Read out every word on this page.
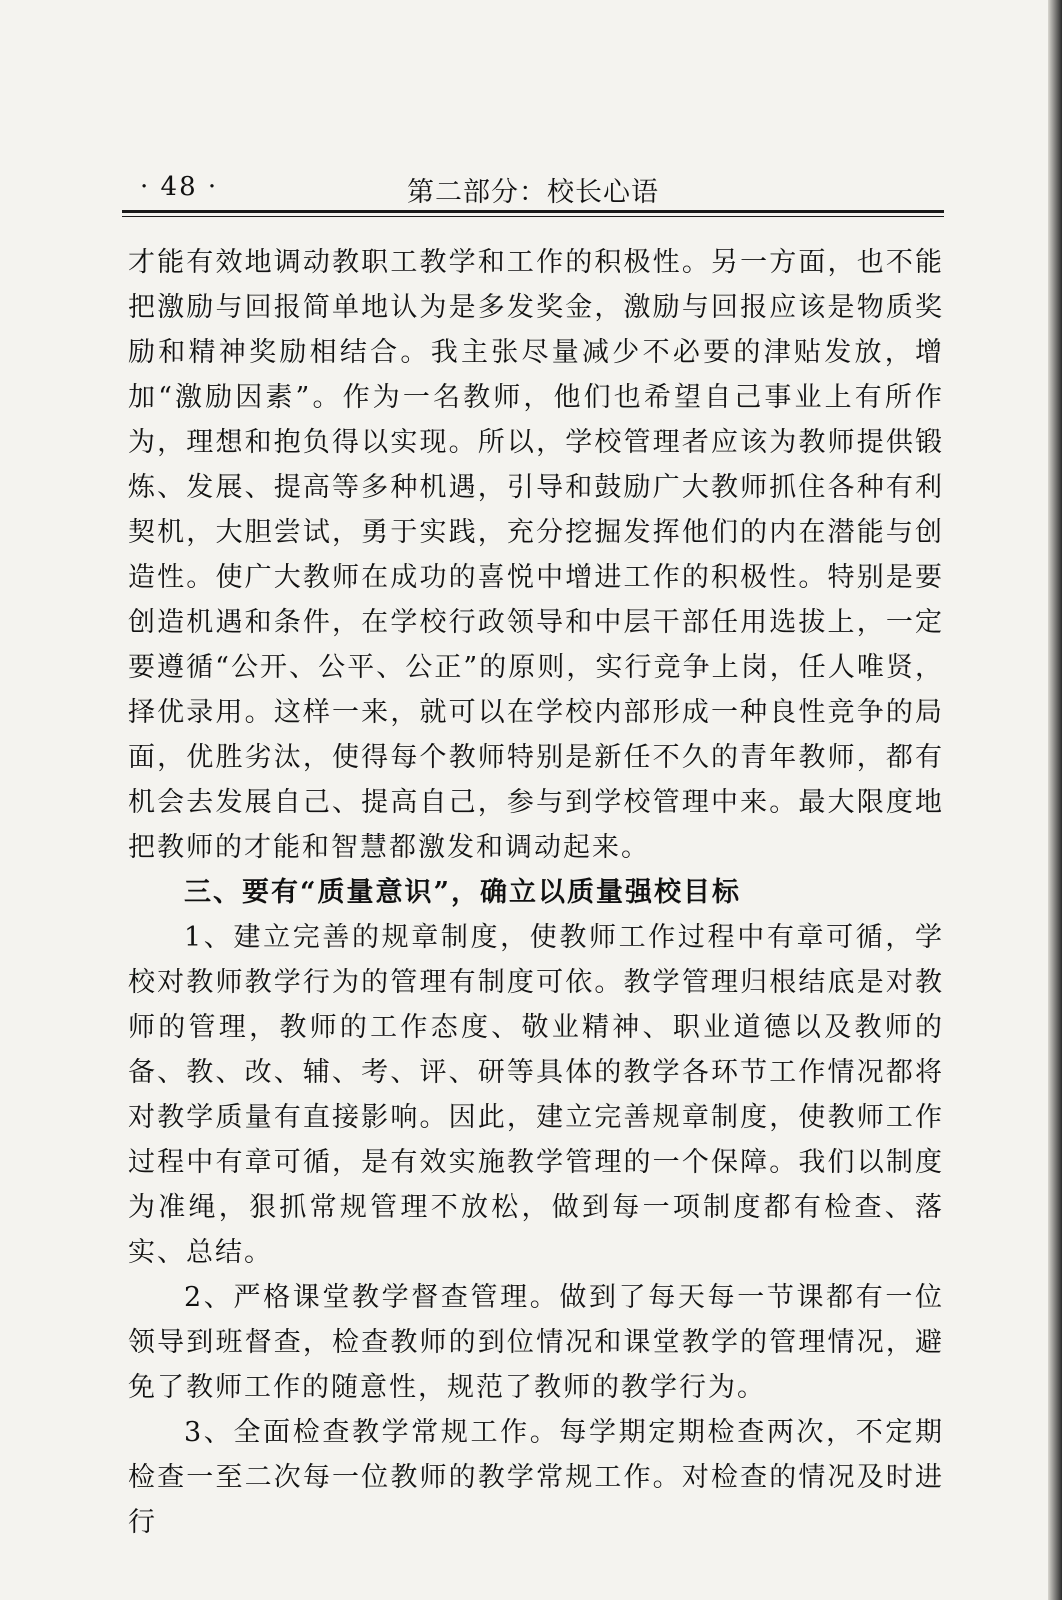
· 48 ·	第二部分：校长心语

才能有效地调动教职工教学和工作的积极性。另一方面，也不能把激励与回报简单地认为是多发奖金，激励与回报应该是物质奖励和精神奖励相结合。我主张尽量减少不必要的津贴发放，增加“激励因素”。作为一名教师，他们也希望自己事业上有所作为，理想和抱负得以实现。所以，学校管理者应该为教师提供锻炼、发展、提高等多种机遇，引导和鼓励广大教师抓住各种有利契机，大胆尝试，勇于实践，充分挖掘发挥他们的内在潜能与创造性。使广大教师在成功的喜悦中增进工作的积极性。特别是要创造机遇和条件，在学校行政领导和中层干部任用选拔上，一定要遵循“公开、公平、公正”的原则，实行竞争上岗，任人唯贤，择优录用。这样一来，就可以在学校内部形成一种良性竞争的局面，优胜劣汰，使得每个教师特别是新任不久的青年教师，都有机会去发展自己、提高自己，参与到学校管理中来。最大限度地把教师的才能和智慧都激发和调动起来。

三、要有“质量意识”，确立以质量强校目标

1、建立完善的规章制度，使教师工作过程中有章可循，学校对教师教学行为的管理有制度可依。教学管理归根结底是对教师的管理，教师的工作态度、敬业精神、职业道德以及教师的备、教、改、辅、考、评、研等具体的教学各环节工作情况都将对教学质量有直接影响。因此，建立完善规章制度，使教师工作过程中有章可循，是有效实施教学管理的一个保障。我们以制度为准绳，狠抓常规管理不放松，做到每一项制度都有检查、落实、总结。

2、严格课堂教学督查管理。做到了每天每一节课都有一位领导到班督查，检查教师的到位情况和课堂教学的管理情况，避免了教师工作的随意性，规范了教师的教学行为。

3、全面检查教学常规工作。每学期定期检查两次，不定期检查一至二次每一位教师的教学常规工作。对检查的情况及时进行
